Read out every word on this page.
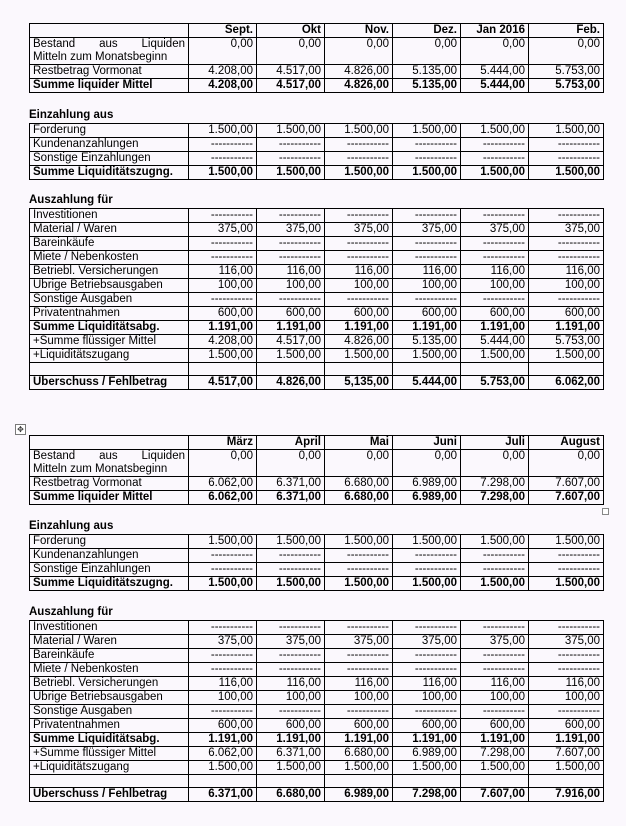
	Sept.	Okt	Nov.	Dez.	Jan 2016	Feb.

Bestand aus Liquiden
Mitteln zum Monatsbeginn	0,00	0,00	0,00	0,00	0,00	0,00
Restbetrag Vormonat	4.208,00	4.517,00	4.826,00	5.135,00	5.444,00	5.753,00
Summe liquider Mittel	4.208,00	4.517,00	4.826,00	5.135,00	5.444,00	5.753,00
Einzahlung aus
Forderung	1.500,00	1.500,00	1.500,00	1.500,00	1.500,00	1.500,00
Kundenanzahlungen	-----------	-----------	-----------	-----------	-----------	-----------
Sonstige Einzahlungen	-----------	-----------	-----------	-----------	-----------	-----------
Summe Liquiditätszugng.	1.500,00	1.500,00	1.500,00	1.500,00	1.500,00	1.500,00
Auszahlung für
Investitionen	-----------	-----------	-----------	-----------	-----------	-----------
Material / Waren	375,00	375,00	375,00	375,00	375,00	375,00
Bareinkäufe	-----------	-----------	-----------	-----------	-----------	-----------
Miete / Nebenkosten	-----------	-----------	-----------	-----------	-----------	-----------
Betriebl. Versicherungen	116,00	116,00	116,00	116,00	116,00	116,00
Übrige Betriebsausgaben	100,00	100,00	100,00	100,00	100,00	100,00
Sonstige Ausgaben	-----------	-----------	-----------	-----------	-----------	-----------
Privatentnahmen	600,00	600,00	600,00	600,00	600,00	600,00
Summe Liquiditätsabg.	1.191,00	1.191,00	1.191,00	1.191,00	1.191,00	1.191,00
+Summe flüssiger Mittel	4.208,00	4.517,00	4.826,00	5.135,00	5.444,00	5.753,00
+Liquiditätszugang	1.500,00	1.500,00	1.500,00	1.500,00	1.500,00	1.500,00

Überschuss / Fehlbetrag	4.517,00	4.826,00	5,135,00	5.444,00	5.753,00	6.062,00
✥
	März	April	Mai	Juni	Juli	August

Bestand aus Liquiden
Mitteln zum Monatsbeginn	0,00	0,00	0,00	0,00	0,00	0,00
Restbetrag Vormonat	6.062,00	6.371,00	6.680,00	6.989,00	7.298,00	7.607,00
Summe liquider Mittel	6.062,00	6.371,00	6.680,00	6.989,00	7.298,00	7.607,00
Einzahlung aus
Forderung	1.500,00	1.500,00	1.500,00	1.500,00	1.500,00	1.500,00
Kundenanzahlungen	-----------	-----------	-----------	-----------	-----------	-----------
Sonstige Einzahlungen	-----------	-----------	-----------	-----------	-----------	-----------
Summe Liquiditätszugng.	1.500,00	1.500,00	1.500,00	1.500,00	1.500,00	1.500,00
Auszahlung für
Investitionen	-----------	-----------	-----------	-----------	-----------	-----------
Material / Waren	375,00	375,00	375,00	375,00	375,00	375,00
Bareinkäufe	-----------	-----------	-----------	-----------	-----------	-----------
Miete / Nebenkosten	-----------	-----------	-----------	-----------	-----------	-----------
Betriebl. Versicherungen	116,00	116,00	116,00	116,00	116,00	116,00
Übrige Betriebsausgaben	100,00	100,00	100,00	100,00	100,00	100,00
Sonstige Ausgaben	-----------	-----------	-----------	-----------	-----------	-----------
Privatentnahmen	600,00	600,00	600,00	600,00	600,00	600,00
Summe Liquiditätsabg.	1.191,00	1.191,00	1.191,00	1.191,00	1.191,00	1.191,00
+Summe flüssiger Mittel	6.062,00	6.371,00	6.680,00	6.989,00	7.298,00	7.607,00
+Liquiditätszugang	1.500,00	1.500,00	1.500,00	1.500,00	1.500,00	1.500,00

Überschuss / Fehlbetrag	6.371,00	6.680,00	6.989,00	7.298,00	7.607,00	7.916,00
